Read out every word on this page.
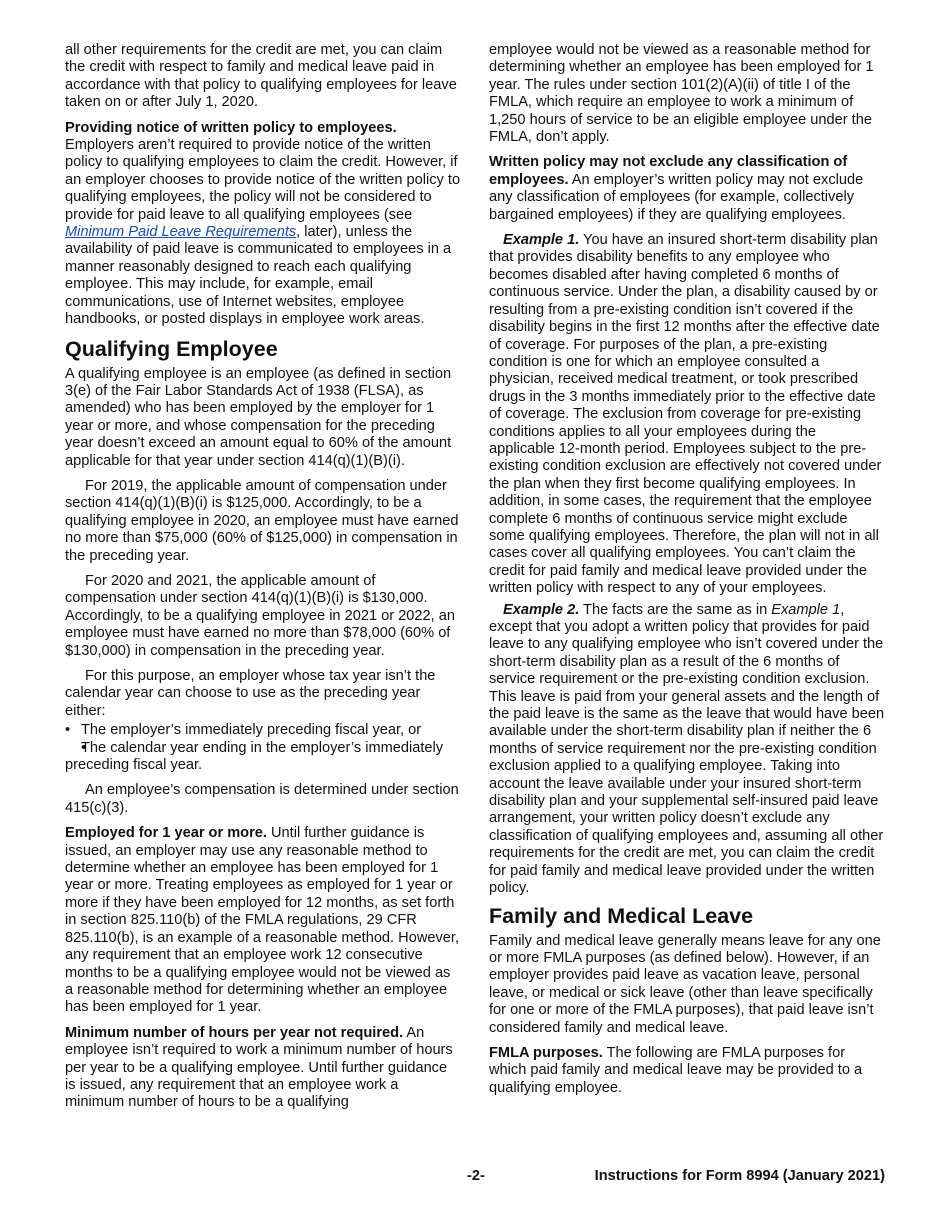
all other requirements for the credit are met, you can claim the credit with respect to family and medical leave paid in accordance with that policy to qualifying employees for leave taken on or after July 1, 2020.

Providing notice of written policy to employees. Employers aren’t required to provide notice of the written policy to qualifying employees to claim the credit. However, if an employer chooses to provide notice of the written policy to qualifying employees, the policy will not be considered to provide for paid leave to all qualifying employees (see Minimum Paid Leave Requirements, later), unless the availability of paid leave is communicated to employees in a manner reasonably designed to reach each qualifying employee. This may include, for example, email communications, use of Internet websites, employee handbooks, or posted displays in employee work areas.

Qualifying Employee

A qualifying employee is an employee (as defined in section 3(e) of the Fair Labor Standards Act of 1938 (FLSA), as amended) who has been employed by the employer for 1 year or more, and whose compensation for the preceding year doesn’t exceed an amount equal to 60% of the amount applicable for that year under section 414(q)(1)(B)(i).

For 2019, the applicable amount of compensation under section 414(q)(1)(B)(i) is $125,000. Accordingly, to be a qualifying employee in 2020, an employee must have earned no more than $75,000 (60% of $125,000) in compensation in the preceding year.

For 2020 and 2021, the applicable amount of compensation under section 414(q)(1)(B)(i) is $130,000. Accordingly, to be a qualifying employee in 2021 or 2022, an employee must have earned no more than $78,000 (60% of $130,000) in compensation in the preceding year.

For this purpose, an employer whose tax year isn’t the calendar year can choose to use as the preceding year either:

• The employer’s immediately preceding fiscal year, or
• The calendar year ending in the employer’s immediately preceding fiscal year.

An employee’s compensation is determined under section 415(c)(3).

Employed for 1 year or more. Until further guidance is issued, an employer may use any reasonable method to determine whether an employee has been employed for 1 year or more. Treating employees as employed for 1 year or more if they have been employed for 12 months, as set forth in section 825.110(b) of the FMLA regulations, 29 CFR 825.110(b), is an example of a reasonable method. However, any requirement that an employee work 12 consecutive months to be a qualifying employee would not be viewed as a reasonable method for determining whether an employee has been employed for 1 year.

Minimum number of hours per year not required. An employee isn’t required to work a minimum number of hours per year to be a qualifying employee. Until further guidance is issued, any requirement that an employee work a minimum number of hours to be a qualifying

employee would not be viewed as a reasonable method for determining whether an employee has been employed for 1 year. The rules under section 101(2)(A)(ii) of title I of the FMLA, which require an employee to work a minimum of 1,250 hours of service to be an eligible employee under the FMLA, don’t apply.

Written policy may not exclude any classification of employees. An employer’s written policy may not exclude any classification of employees (for example, collectively bargained employees) if they are qualifying employees.

Example 1. You have an insured short-term disability plan that provides disability benefits to any employee who becomes disabled after having completed 6 months of continuous service. Under the plan, a disability caused by or resulting from a pre-existing condition isn’t covered if the disability begins in the first 12 months after the effective date of coverage. For purposes of the plan, a pre-existing condition is one for which an employee consulted a physician, received medical treatment, or took prescribed drugs in the 3 months immediately prior to the effective date of coverage. The exclusion from coverage for pre-existing conditions applies to all your employees during the applicable 12-month period. Employees subject to the pre-existing condition exclusion are effectively not covered under the plan when they first become qualifying employees. In addition, in some cases, the requirement that the employee complete 6 months of continuous service might exclude some qualifying employees. Therefore, the plan will not in all cases cover all qualifying employees. You can’t claim the credit for paid family and medical leave provided under the written policy with respect to any of your employees.

Example 2. The facts are the same as in Example 1, except that you adopt a written policy that provides for paid leave to any qualifying employee who isn’t covered under the short-term disability plan as a result of the 6 months of service requirement or the pre-existing condition exclusion. This leave is paid from your general assets and the length of the paid leave is the same as the leave that would have been available under the short-term disability plan if neither the 6 months of service requirement nor the pre-existing condition exclusion applied to a qualifying employee. Taking into account the leave available under your insured short-term disability plan and your supplemental self-insured paid leave arrangement, your written policy doesn’t exclude any classification of qualifying employees and, assuming all other requirements for the credit are met, you can claim the credit for paid family and medical leave provided under the written policy.

Family and Medical Leave

Family and medical leave generally means leave for any one or more FMLA purposes (as defined below). However, if an employer provides paid leave as vacation leave, personal leave, or medical or sick leave (other than leave specifically for one or more of the FMLA purposes), that paid leave isn’t considered family and medical leave.

FMLA purposes. The following are FMLA purposes for which paid family and medical leave may be provided to a qualifying employee.

-2-	Instructions for Form 8994 (January 2021)
